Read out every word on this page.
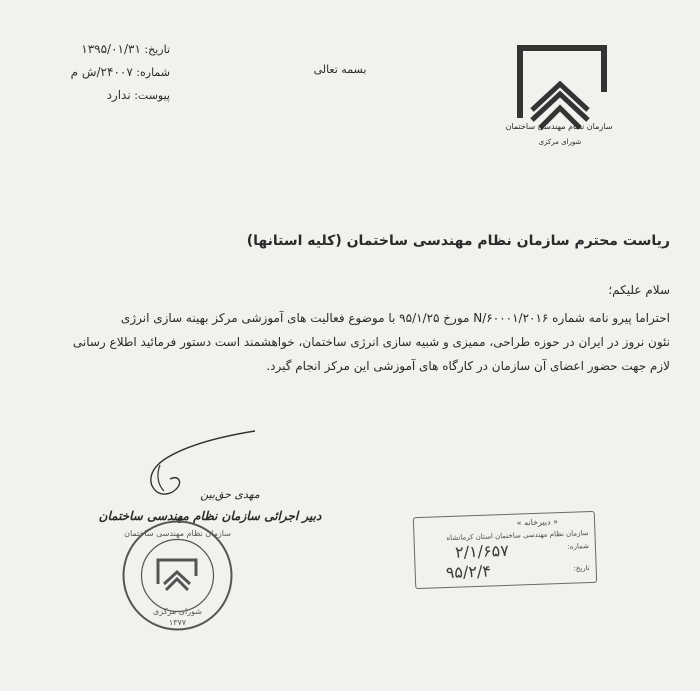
تاریخ: ۱۳۹۵/۰۱/۳۱
شماره: ۲۴۰۰۷/ش م
پیوست: ندارد
بسمه تعالی
سازمان نظام مهندسی ساختمان
شورای مرکزی
ریاست محترم سازمان نظام مهندسی ساختمان (کلیه استانها)
سلام علیکم؛
احتراما پیرو نامه شماره ۲۰۱۶/N/۶۰۰۰۱ مورخ ۹۵/۱/۲۵ با موضوع فعالیت های آموزشی مرکز بهینه سازی انرژی
نئون نروز در ایران در حوزه طراحی، ممیزی و شبیه سازی انرژی ساختمان، خواهشمند است دستور فرمائید اطلاع رسانی
لازم جهت حضور اعضای آن سازمان در کارگاه های آموزشی این مرکز انجام گیرد.
مهدی حق‌بین
دبیر اجرائی سازمان نظام مهندسی ساختمان
سازمان نظام مهندسی ساختمان
شورای مرکزی
۱۳۷۷
« دبیرخانه »
سازمان نظام مهندسی ساختمان استان کرمانشاه
شماره:
۲/۱/۶۵۷
تاریخ:
۹۵/۲/۴
